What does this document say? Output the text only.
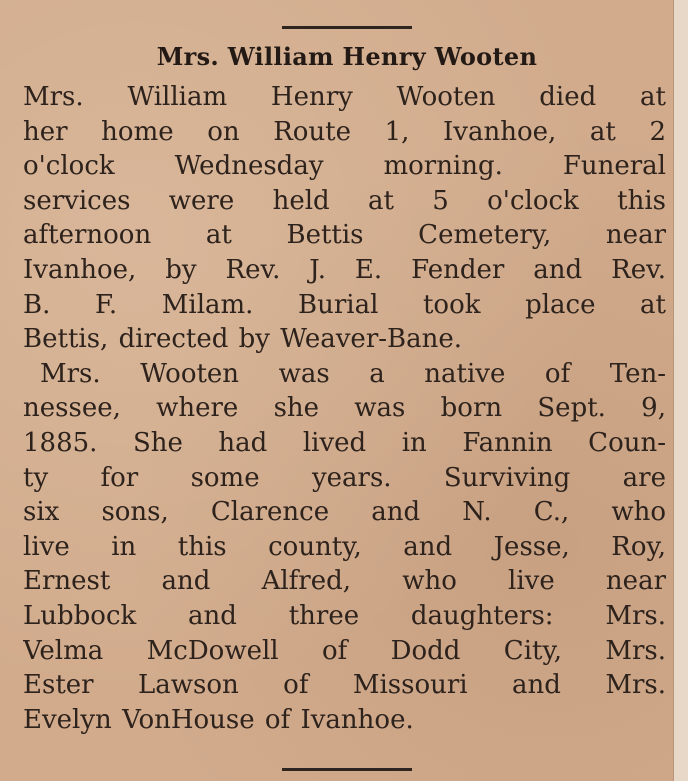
Mrs. William Henry Wooten
Mrs. William Henry Wooten died at
her home on Route 1, Ivanhoe, at 2
o'clock Wednesday morning. Funeral
services were held at 5 o'clock this
afternoon at Bettis Cemetery, near
Ivanhoe, by Rev. J. E. Fender and Rev.
B. F. Milam. Burial took place at
Bettis, directed by Weaver-Bane.
Mrs. Wooten was a native of Ten-
nessee, where she was born Sept. 9,
1885. She had lived in Fannin Coun-
ty for some years. Surviving are
six sons, Clarence and N. C., who
live in this county, and Jesse, Roy,
Ernest and Alfred, who live near
Lubbock and three daughters: Mrs.
Velma McDowell of Dodd City, Mrs.
Ester Lawson of Missouri and Mrs.
Evelyn VonHouse of Ivanhoe.
